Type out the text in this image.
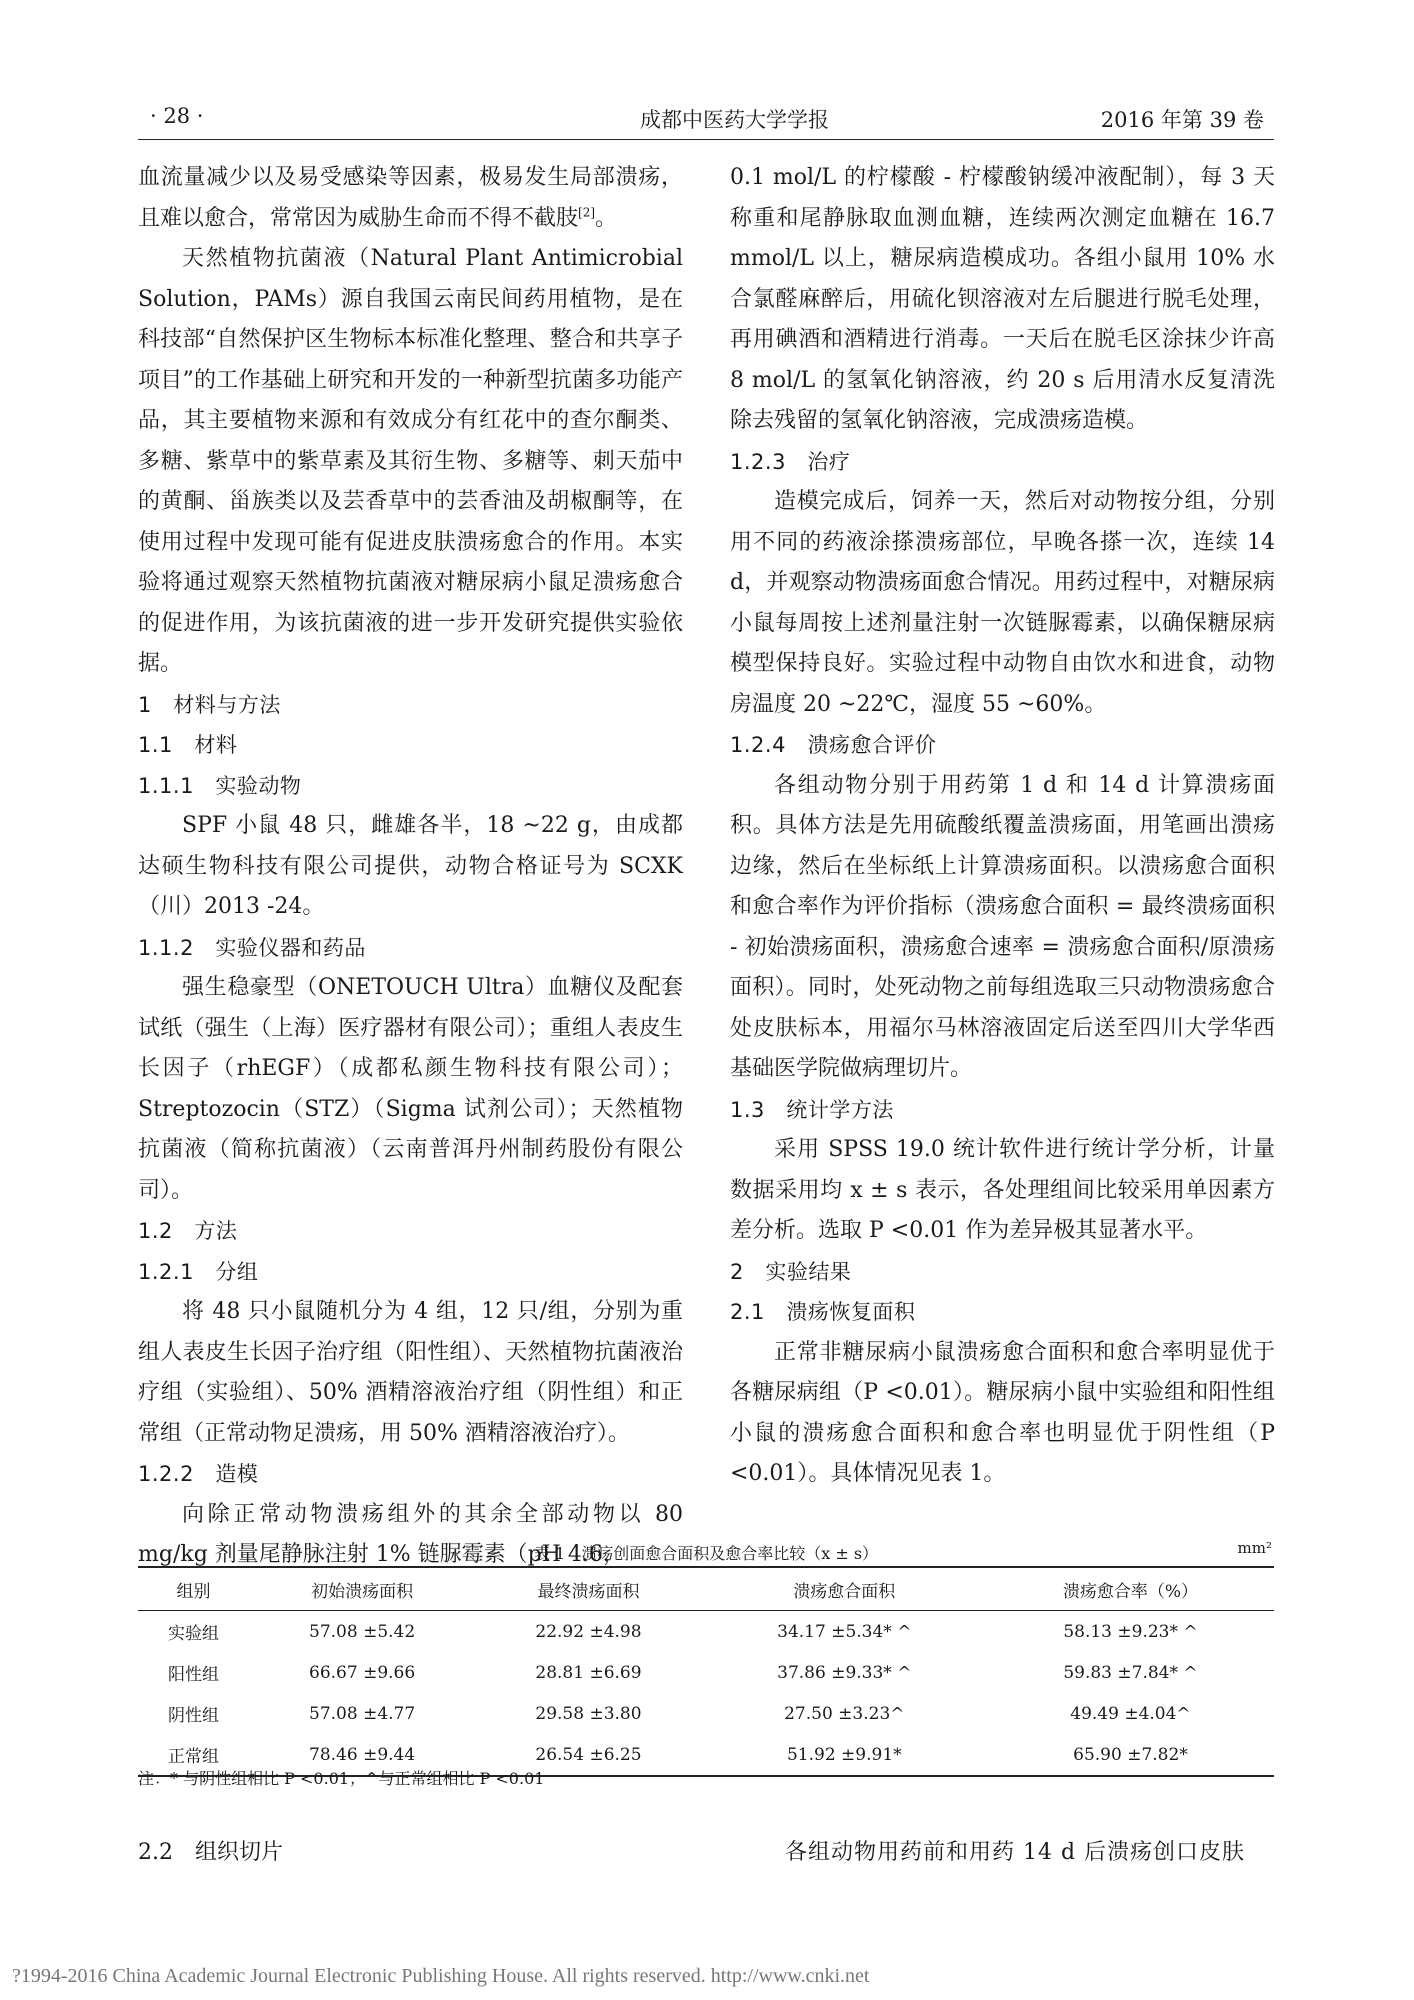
· 28 ·	成都中医药大学学报	2016 年第 39 卷

血流量减少以及易受感染等因素，极易发生局部溃疡，且难以愈合，常常因为威胁生命而不得不截肢[2]。

天然植物抗菌液（Natural Plant Antimicrobial Solution，PAMs）源自我国云南民间药用植物，是在科技部“自然保护区生物标本标准化整理、整合和共享子项目”的工作基础上研究和开发的一种新型抗菌多功能产品，其主要植物来源和有效成分有红花中的查尔酮类、多糖、紫草中的紫草素及其衍生物、多糖等、刺天茄中的黄酮、甾族类以及芸香草中的芸香油及胡椒酮等，在使用过程中发现可能有促进皮肤溃疡愈合的作用。本实验将通过观察天然植物抗菌液对糖尿病小鼠足溃疡愈合的促进作用，为该抗菌液的进一步开发研究提供实验依据。

1　材料与方法

1.1　材料

1.1.1　实验动物

SPF 小鼠 48 只，雌雄各半，18 ~22 g，由成都达硕生物科技有限公司提供，动物合格证号为 SCXK（川）2013 -24。

1.1.2　实验仪器和药品

强生稳豪型（ONETOUCH Ultra）血糖仪及配套试纸（强生（上海）医疗器材有限公司）；重组人表皮生长因子（rhEGF）（成都私颜生物科技有限公司）；Streptozocin（STZ）（Sigma 试剂公司）；天然植物抗菌液（简称抗菌液）（云南普洱丹州制药股份有限公司）。

1.2　方法

1.2.1　分组

将 48 只小鼠随机分为 4 组，12 只/组，分别为重组人表皮生长因子治疗组（阳性组）、天然植物抗菌液治疗组（实验组）、50% 酒精溶液治疗组（阴性组）和正常组（正常动物足溃疡，用 50% 酒精溶液治疗）。

1.2.2　造模

向除正常动物溃疡组外的其余全部动物以 80 mg/kg 剂量尾静脉注射 1% 链脲霉素（pH 4.6，

0.1 mol/L 的柠檬酸 - 柠檬酸钠缓冲液配制），每 3 天称重和尾静脉取血测血糖，连续两次测定血糖在 16.7 mmol/L 以上，糖尿病造模成功。各组小鼠用 10% 水合氯醛麻醉后，用硫化钡溶液对左后腿进行脱毛处理，再用碘酒和酒精进行消毒。一天后在脱毛区涂抹少许高 8 mol/L 的氢氧化钠溶液，约 20 s 后用清水反复清洗除去残留的氢氧化钠溶液，完成溃疡造模。

1.2.3　治疗

造模完成后，饲养一天，然后对动物按分组，分别用不同的药液涂搽溃疡部位，早晚各搽一次，连续 14 d，并观察动物溃疡面愈合情况。用药过程中，对糖尿病小鼠每周按上述剂量注射一次链脲霉素，以确保糖尿病模型保持良好。实验过程中动物自由饮水和进食，动物房温度 20 ~22℃，湿度 55 ~60%。

1.2.4　溃疡愈合评价

各组动物分别于用药第 1 d 和 14 d 计算溃疡面积。具体方法是先用硫酸纸覆盖溃疡面，用笔画出溃疡边缘，然后在坐标纸上计算溃疡面积。以溃疡愈合面积和愈合率作为评价指标（溃疡愈合面积 = 最终溃疡面积 - 初始溃疡面积，溃疡愈合速率 = 溃疡愈合面积/原溃疡面积）。同时，处死动物之前每组选取三只动物溃疡愈合处皮肤标本，用福尔马林溶液固定后送至四川大学华西基础医学院做病理切片。

1.3　统计学方法

采用 SPSS 19.0 统计软件进行统计学分析，计量数据采用均 x ± s 表示，各处理组间比较采用单因素方差分析。选取 P <0.01 作为差异极其显著水平。

2　实验结果

2.1　溃疡恢复面积

正常非糖尿病小鼠溃疡愈合面积和愈合率明显优于各糖尿病组（P <0.01）。糖尿病小鼠中实验组和阳性组小鼠的溃疡愈合面积和愈合率也明显优于阴性组（P <0.01）。具体情况见表 1。

表 1　溃疡创面愈合面积及愈合率比较（x ± s）	mm²
组别	初始溃疡面积	最终溃疡面积	溃疡愈合面积	溃疡愈合率（%）
实验组	57.08 ±5.42	22.92 ±4.98	34.17 ±5.34* ^	58.13 ±9.23* ^
阳性组	66.67 ±9.66	28.81 ±6.69	37.86 ±9.33* ^	59.83 ±7.84* ^
阴性组	57.08 ±4.77	29.58 ±3.80	27.50 ±3.23^	49.49 ±4.04^
正常组	78.46 ±9.44	26.54 ±6.25	51.92 ±9.91*	65.90 ±7.82*
注：* 与阴性组相比 P <0.01；^与正常组相比 P <0.01
2.2　组织切片	各组动物用药前和用药 14 d 后溃疡创口皮肤
?1994-2016 China Academic Journal Electronic Publishing House. All rights reserved. http://www.cnki.net
